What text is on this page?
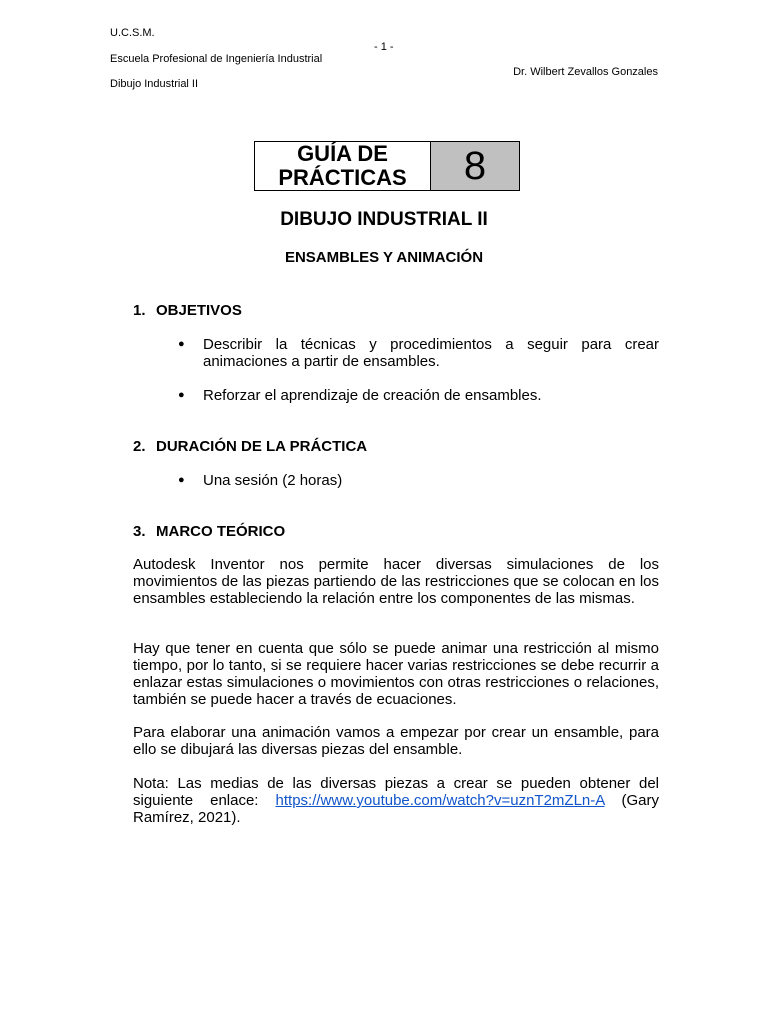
U.C.S.M.
- 1 -
Escuela Profesional de Ingeniería Industrial
Dr. Wilbert Zevallos Gonzales
Dibujo Industrial II
GUÍA DE
PRÁCTICAS	8
DIBUJO INDUSTRIAL II
ENSAMBLES Y ANIMACIÓN
1. OBJETIVOS
● Describir la técnicas y procedimientos a seguir para crear animaciones a partir de ensambles.
● Reforzar el aprendizaje de creación de ensambles.
2. DURACIÓN DE LA PRÁCTICA
● Una sesión (2 horas)
3. MARCO TEÓRICO
Autodesk Inventor nos permite hacer diversas simulaciones de los movimientos de las piezas partiendo de las restricciones que se colocan en los ensambles estableciendo la relación entre los componentes de las mismas.
Hay que tener en cuenta que sólo se puede animar una restricción al mismo tiempo, por lo tanto, si se requiere hacer varias restricciones se debe recurrir a enlazar estas simulaciones o movimientos con otras restricciones o relaciones, también se puede hacer a través de ecuaciones.
Para elaborar una animación vamos a empezar por crear un ensamble, para ello se dibujará las diversas piezas del ensamble.
Nota: Las medias de las diversas piezas a crear se pueden obtener del siguiente enlace: https://www.youtube.com/watch?v=uznT2mZLn-A (Gary Ramírez, 2021).
